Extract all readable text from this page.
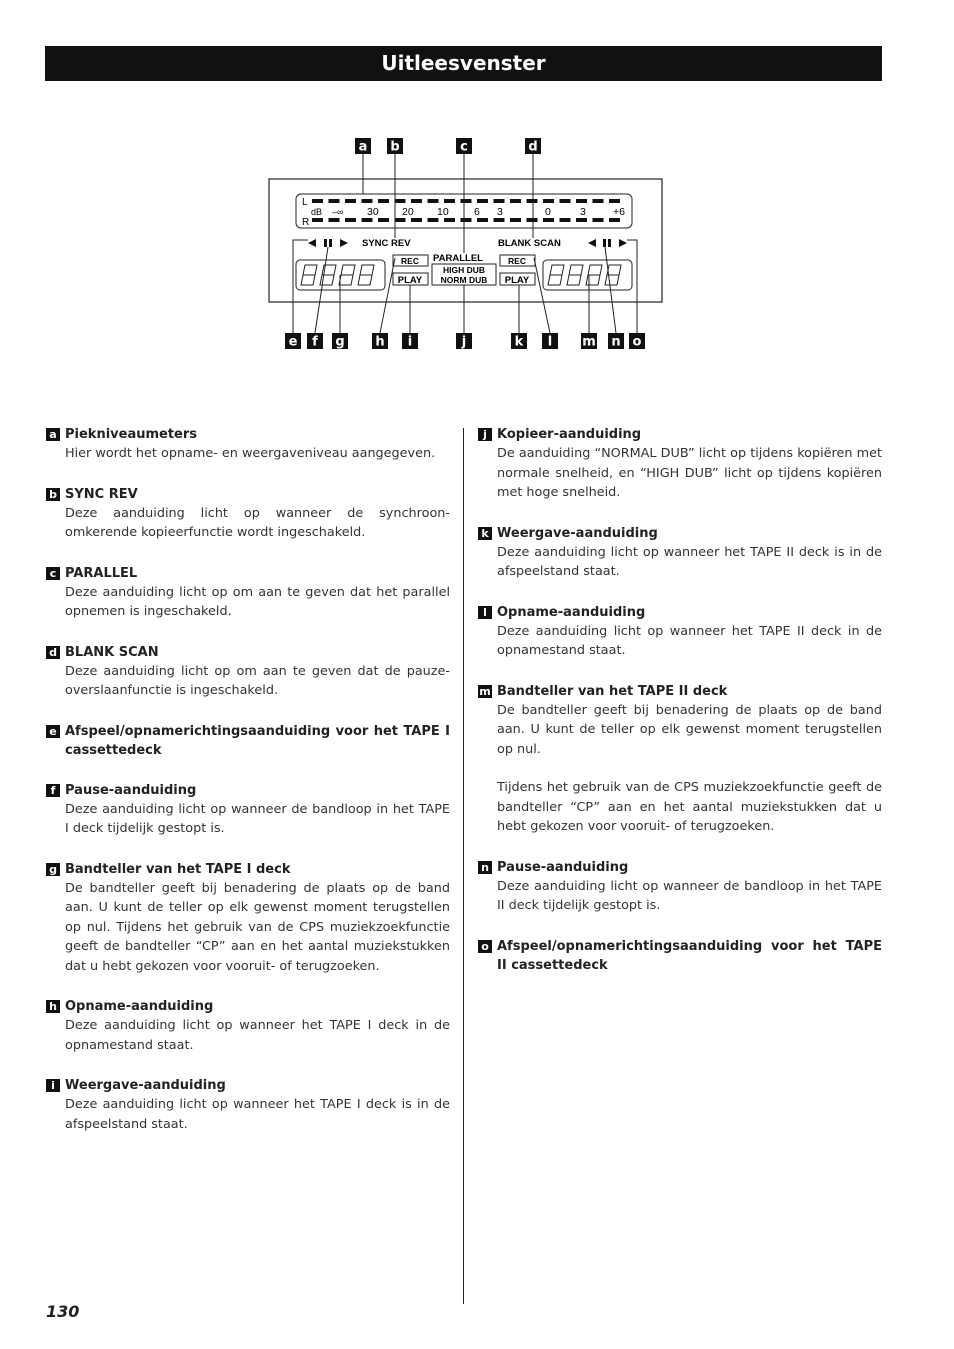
Uitleesvenster
L
R
dB –∞ 30 20 10 6 3	0	3	+6
SYNC REV
PARALLEL
BLANK SCAN
REC
PLAY
HIGH DUB
NORM DUB
REC
PLAY
a b	c	d
e f g h i	j	k l m n o
a Piekniveaumeters

Hier wordt het opname- en weergaveniveau aangegeven.

b SYNC REV

Deze aanduiding licht op wanneer de synchroon-omkerende kopieerfunctie wordt ingeschakeld.

c PARALLEL

Deze aanduiding licht op om aan te geven dat het parallel opnemen is ingeschakeld.

d BLANK SCAN

Deze aanduiding licht op om aan te geven dat de pauze-overslaanfunctie is ingeschakeld.

e Afspeel/opnamerichtingsaanduiding voor het TAPE I cassettedeck
f Pause-aanduiding

Deze aanduiding licht op wanneer de bandloop in het TAPE I deck tijdelijk gestopt is.

g Bandteller van het TAPE I deck

De bandteller geeft bij benadering de plaats op de band aan. U kunt de teller op elk gewenst moment terugstellen op nul. Tijdens het gebruik van de CPS muziekzoekfunctie geeft de bandteller “CP” aan en het aantal muziekstukken dat u hebt gekozen voor vooruit- of terugzoeken.

h Opname-aanduiding

Deze aanduiding licht op wanneer het TAPE I deck in de opnamestand staat.

i Weergave-aanduiding

Deze aanduiding licht op wanneer het TAPE I deck is in de afspeelstand staat.

j Kopieer-aanduiding

De aanduiding “NORMAL DUB” licht op tijdens kopiëren met normale snelheid, en “HIGH DUB” licht op tijdens kopiëren met hoge snelheid.

k Weergave-aanduiding

Deze aanduiding licht op wanneer het TAPE II deck is in de afspeelstand staat.

l Opname-aanduiding

Deze aanduiding licht op wanneer het TAPE II deck in de opnamestand staat.

m Bandteller van het TAPE II deck

De bandteller geeft bij benadering de plaats op de band aan. U kunt de teller op elk gewenst moment terugstellen op nul.

Tijdens het gebruik van de CPS muziekzoekfunctie geeft de bandteller “CP” aan en het aantal muziekstukken dat u hebt gekozen voor vooruit- of terugzoeken.

n Pause-aanduiding

Deze aanduiding licht op wanneer de bandloop in het TAPE II deck tijdelijk gestopt is.

o Afspeel/opnamerichtingsaanduiding voor het TAPE II cassettedeck
130
